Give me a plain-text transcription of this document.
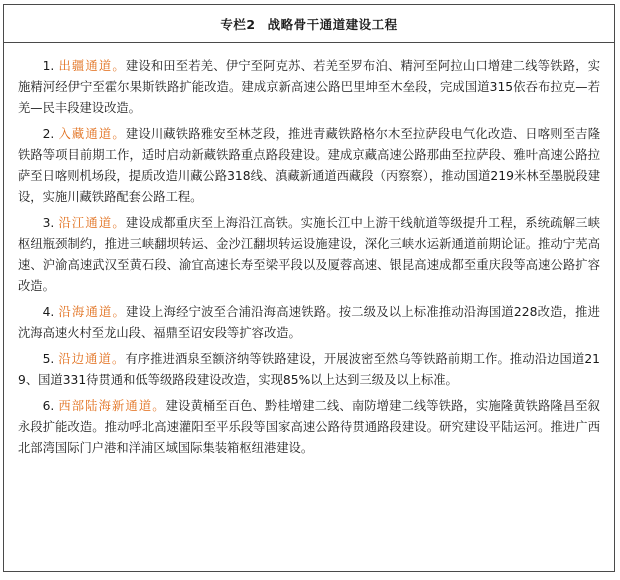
专栏2 战略骨干通道建设工程

1. 出疆通道。建设和田至若羌、伊宁至阿克苏、若羌至罗布泊、精河至阿拉山口增建二线等铁路，实施精河经伊宁至霍尔果斯铁路扩能改造。建成京新高速公路巴里坤至木垒段，完成国道315依吞布拉克—若羌—民丰段建设改造。

2. 入藏通道。建设川藏铁路雅安至林芝段，推进青藏铁路格尔木至拉萨段电气化改造、日喀则至吉隆铁路等项目前期工作，适时启动新藏铁路重点路段建设。建成京藏高速公路那曲至拉萨段、雅叶高速公路拉萨至日喀则机场段，提质改造川藏公路318线、滇藏新通道西藏段（丙察察），推动国道219米林至墨脱段建设，实施川藏铁路配套公路工程。

3. 沿江通道。建设成都重庆至上海沿江高铁。实施长江中上游干线航道等级提升工程，系统疏解三峡枢纽瓶颈制约，推进三峡翻坝转运、金沙江翻坝转运设施建设，深化三峡水运新通道前期论证。推动宁芜高速、沪渝高速武汉至黄石段、渝宜高速长寿至梁平段以及厦蓉高速、银昆高速成都至重庆段等高速公路扩容改造。

4. 沿海通道。建设上海经宁波至合浦沿海高速铁路。按二级及以上标准推动沿海国道228改造，推进沈海高速火村至龙山段、福鼎至诏安段等扩容改造。

5. 沿边通道。有序推进酒泉至额济纳等铁路建设，开展波密至然乌等铁路前期工作。推动沿边国道219、国道331待贯通和低等级路段建设改造，实现85%以上达到三级及以上标准。

6. 西部陆海新通道。建设黄桶至百色、黔桂增建二线、南防增建二线等铁路，实施隆黄铁路隆昌至叙永段扩能改造。推动呼北高速灌阳至平乐段等国家高速公路待贯通路段建设。研究建设平陆运河。推进广西北部湾国际门户港和洋浦区域国际集装箱枢纽港建设。
